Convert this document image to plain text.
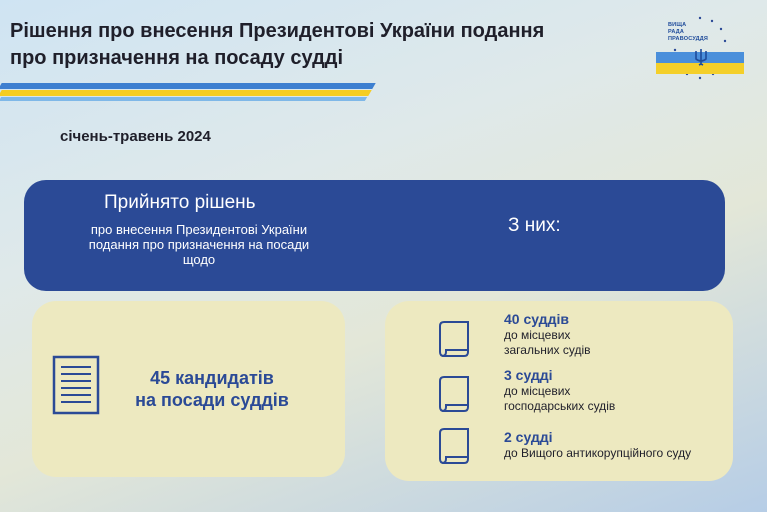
Рішення про внесення Президентові України подання
про призначення на посаду судді
ВИЩА
РАДА
ПРАВОСУДДЯ
січень-травень 2024
Прийнято рішень
про внесення Президентові України подання про призначення на посади щодо
З них:
45 кандидатів
на посади суддів
40 суддів
до місцевих загальних судів
3 судді
до місцевих господарських судів
2 судді
до Вищого антикорупційного суду
